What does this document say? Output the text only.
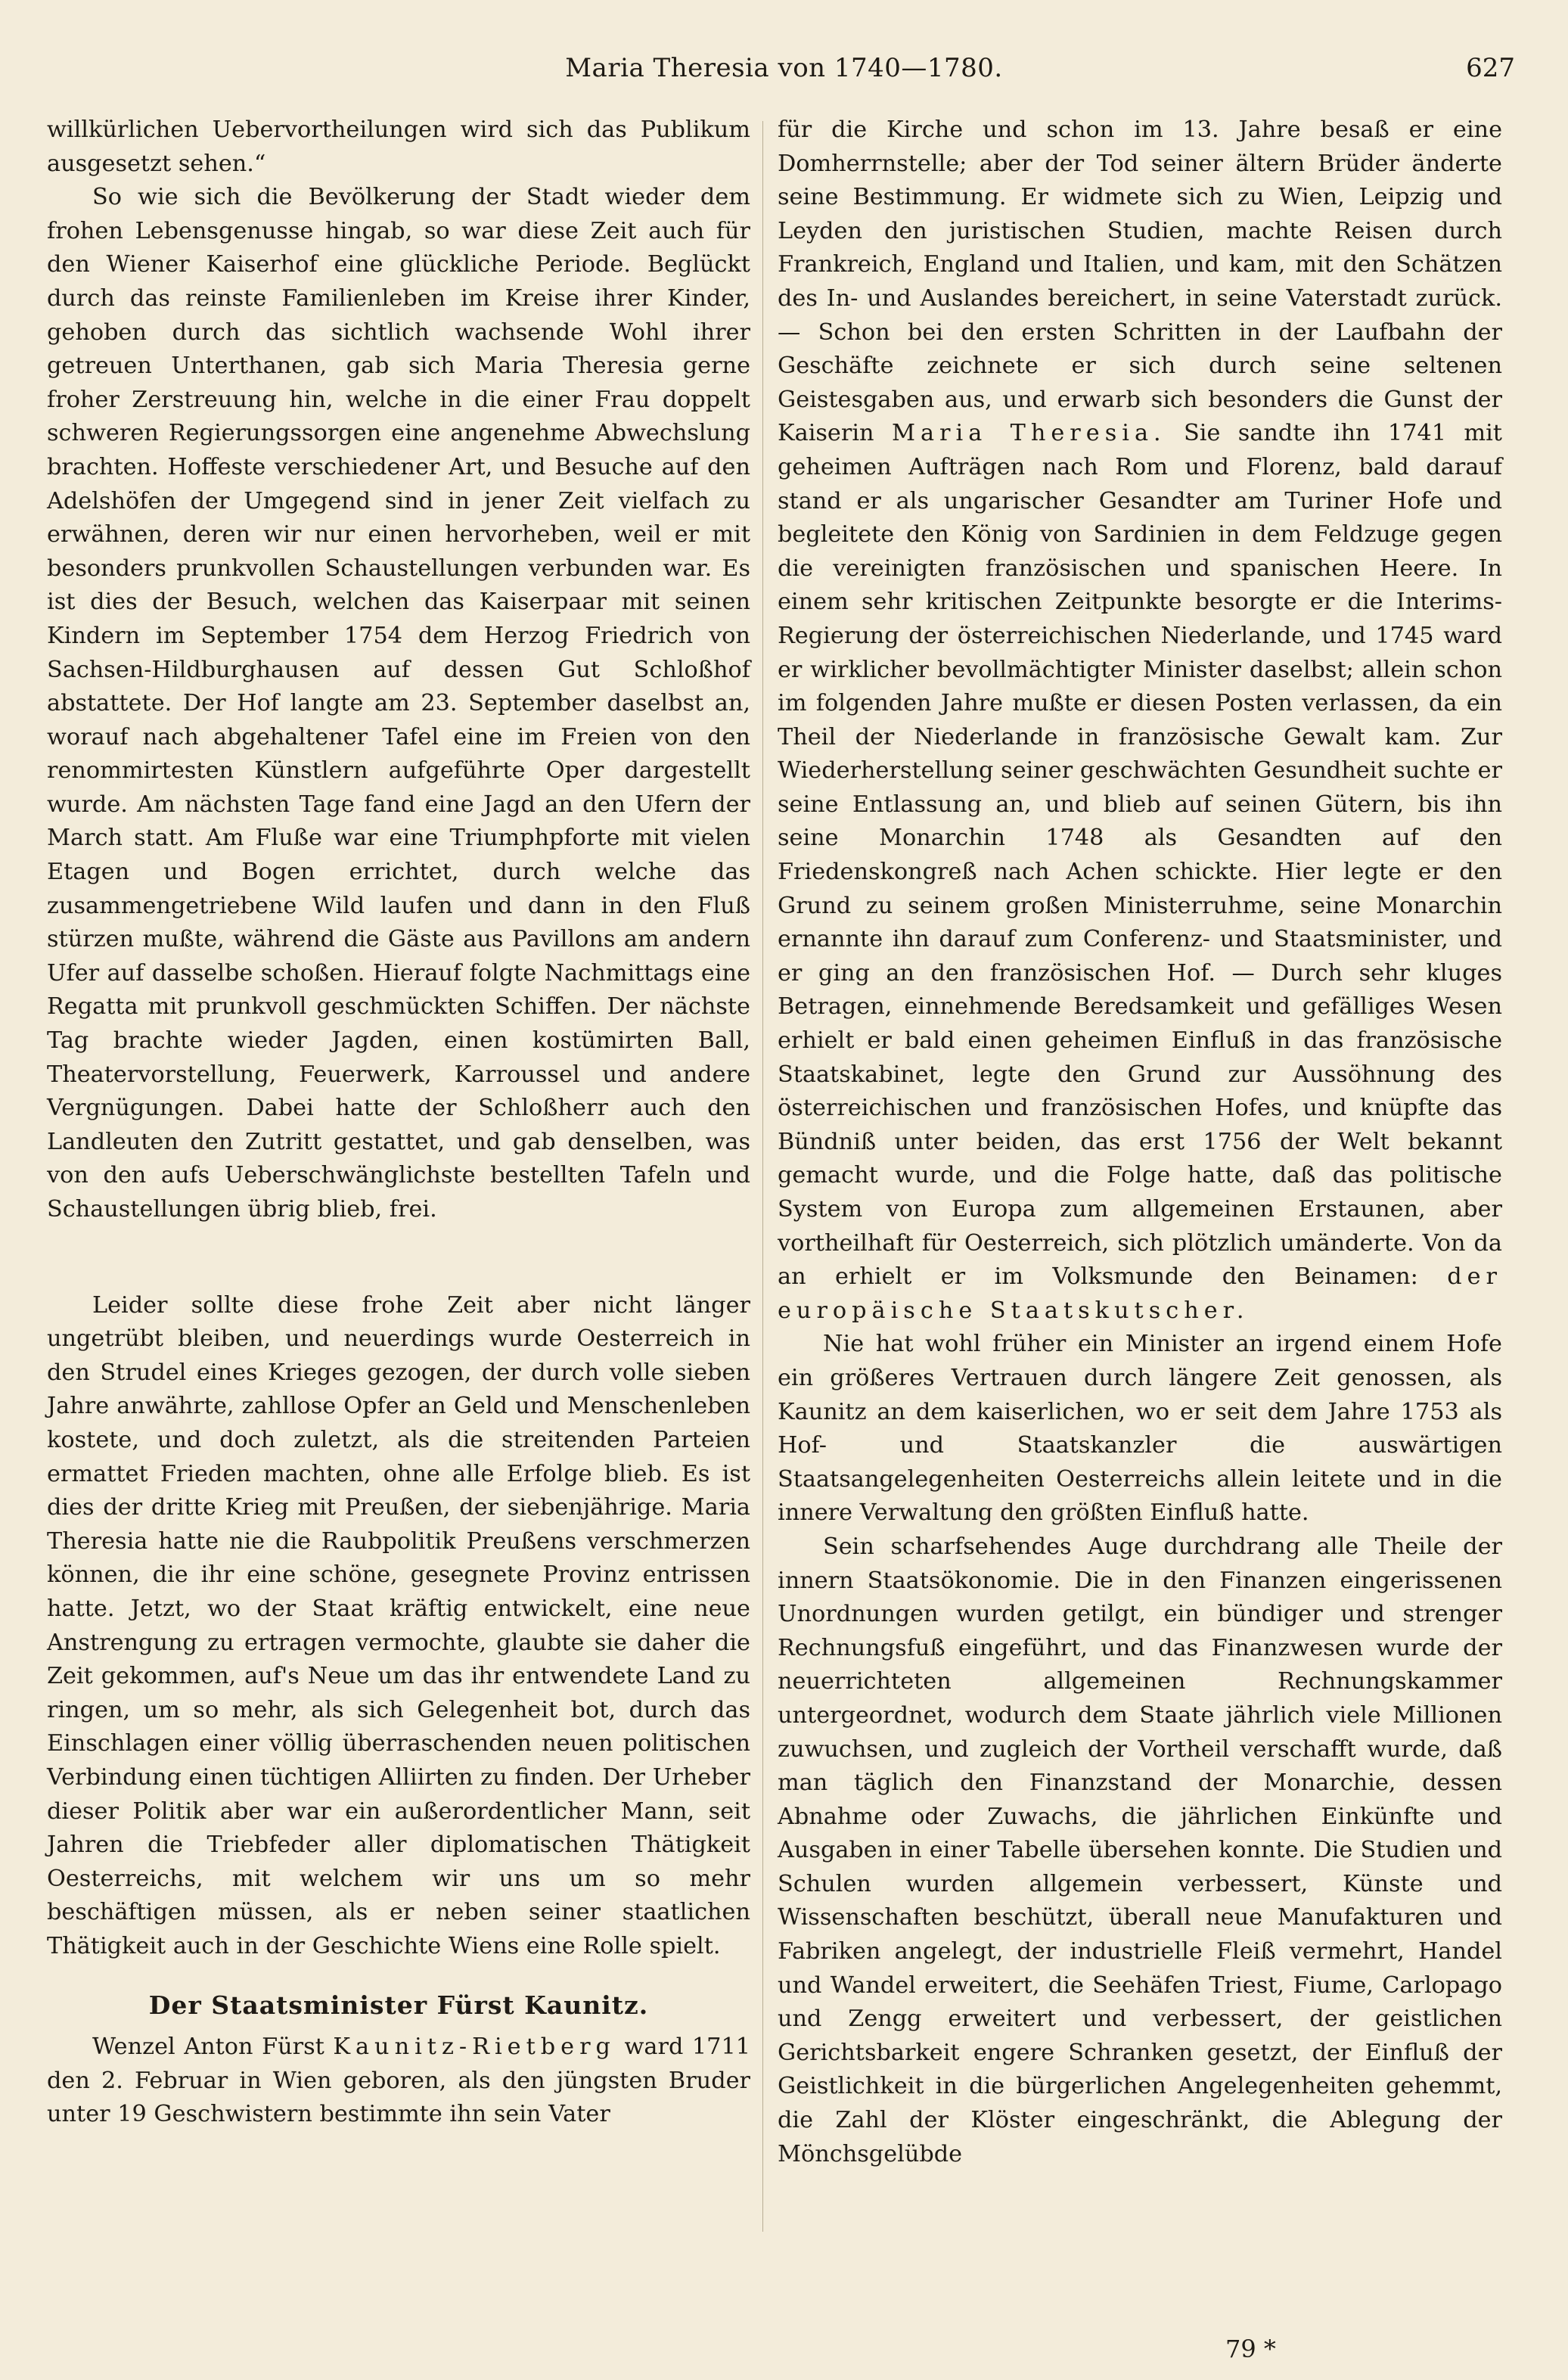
Maria Theresia von 1740—1780.	627

willkürlichen Uebervortheilungen wird sich das Publikum ausgesetzt sehen.“

So wie sich die Bevölkerung der Stadt wieder dem frohen Lebensgenusse hingab, so war diese Zeit auch für den Wiener Kaiserhof eine glückliche Periode. Beglückt durch das reinste Familienleben im Kreise ihrer Kinder, gehoben durch das sichtlich wachsende Wohl ihrer getreuen Unterthanen, gab sich Maria Theresia gerne froher Zerstreuung hin, welche in die einer Frau doppelt schweren Regierungssorgen eine angenehme Abwechslung brachten. Hoffeste verschiedener Art, und Besuche auf den Adelshöfen der Umgegend sind in jener Zeit vielfach zu erwähnen, deren wir nur einen hervorheben, weil er mit besonders prunkvollen Schaustellungen verbunden war. Es ist dies der Besuch, welchen das Kaiserpaar mit seinen Kindern im September 1754 dem Herzog Friedrich von Sachsen-Hildburghausen auf dessen Gut Schloßhof abstattete. Der Hof langte am 23. September daselbst an, worauf nach abgehaltener Tafel eine im Freien von den renommirtesten Künstlern aufgeführte Oper dargestellt wurde. Am nächsten Tage fand eine Jagd an den Ufern der March statt. Am Fluße war eine Triumphpforte mit vielen Etagen und Bogen errichtet, durch welche das zusammengetriebene Wild laufen und dann in den Fluß stürzen mußte, während die Gäste aus Pavillons am andern Ufer auf dasselbe schoßen. Hierauf folgte Nachmittags eine Regatta mit prunkvoll geschmückten Schiffen. Der nächste Tag brachte wieder Jagden, einen kostümirten Ball, Theatervorstellung, Feuerwerk, Karroussel und andere Vergnügungen. Dabei hatte der Schloßherr auch den Landleuten den Zutritt gestattet, und gab denselben, was von den aufs Ueberschwänglichste bestellten Tafeln und Schaustellungen übrig blieb, frei.

Leider sollte diese frohe Zeit aber nicht länger ungetrübt bleiben, und neuerdings wurde Oesterreich in den Strudel eines Krieges gezogen, der durch volle sieben Jahre anwährte, zahllose Opfer an Geld und Menschenleben kostete, und doch zuletzt, als die streitenden Parteien ermattet Frieden machten, ohne alle Erfolge blieb. Es ist dies der dritte Krieg mit Preußen, der siebenjährige. Maria Theresia hatte nie die Raubpolitik Preußens verschmerzen können, die ihr eine schöne, gesegnete Provinz entrissen hatte. Jetzt, wo der Staat kräftig entwickelt, eine neue Anstrengung zu ertragen vermochte, glaubte sie daher die Zeit gekommen, auf's Neue um das ihr entwendete Land zu ringen, um so mehr, als sich Gelegenheit bot, durch das Einschlagen einer völlig überraschenden neuen politischen Verbindung einen tüchtigen Alliirten zu finden. Der Urheber dieser Politik aber war ein außerordentlicher Mann, seit Jahren die Triebfeder aller diplomatischen Thätigkeit Oesterreichs, mit welchem wir uns um so mehr beschäftigen müssen, als er neben seiner staatlichen Thätigkeit auch in der Geschichte Wiens eine Rolle spielt.

Der Staatsminister Fürst Kaunitz.

Wenzel Anton Fürst Kaunitz-Rietberg ward 1711 den 2. Februar in Wien geboren, als den jüngsten Bruder unter 19 Geschwistern bestimmte ihn sein Vater

für die Kirche und schon im 13. Jahre besaß er eine Domherrnstelle; aber der Tod seiner ältern Brüder änderte seine Bestimmung. Er widmete sich zu Wien, Leipzig und Leyden den juristischen Studien, machte Reisen durch Frankreich, England und Italien, und kam, mit den Schätzen des In- und Auslandes bereichert, in seine Vaterstadt zurück. — Schon bei den ersten Schritten in der Laufbahn der Geschäfte zeichnete er sich durch seine seltenen Geistesgaben aus, und erwarb sich besonders die Gunst der Kaiserin Maria Theresia. Sie sandte ihn 1741 mit geheimen Aufträgen nach Rom und Florenz, bald darauf stand er als ungarischer Gesandter am Turiner Hofe und begleitete den König von Sardinien in dem Feldzuge gegen die vereinigten französischen und spanischen Heere. In einem sehr kritischen Zeitpunkte besorgte er die Interims-Regierung der österreichischen Niederlande, und 1745 ward er wirklicher bevollmächtigter Minister daselbst; allein schon im folgenden Jahre mußte er diesen Posten verlassen, da ein Theil der Niederlande in französische Gewalt kam. Zur Wiederherstellung seiner geschwächten Gesundheit suchte er seine Entlassung an, und blieb auf seinen Gütern, bis ihn seine Monarchin 1748 als Gesandten auf den Friedenskongreß nach Achen schickte. Hier legte er den Grund zu seinem großen Ministerruhme, seine Monarchin ernannte ihn darauf zum Conferenz- und Staatsminister, und er ging an den französischen Hof. — Durch sehr kluges Betragen, einnehmende Beredsamkeit und gefälliges Wesen erhielt er bald einen geheimen Einfluß in das französische Staatskabinet, legte den Grund zur Aussöhnung des österreichischen und französischen Hofes, und knüpfte das Bündniß unter beiden, das erst 1756 der Welt bekannt gemacht wurde, und die Folge hatte, daß das politische System von Europa zum allgemeinen Erstaunen, aber vortheilhaft für Oesterreich, sich plötzlich umänderte. Von da an erhielt er im Volksmunde den Beinamen: der europäische Staatskutscher.

Nie hat wohl früher ein Minister an irgend einem Hofe ein größeres Vertrauen durch längere Zeit genossen, als Kaunitz an dem kaiserlichen, wo er seit dem Jahre 1753 als Hof- und Staatskanzler die auswärtigen Staatsangelegenheiten Oesterreichs allein leitete und in die innere Verwaltung den größten Einfluß hatte.

Sein scharfsehendes Auge durchdrang alle Theile der innern Staatsökonomie. Die in den Finanzen eingerissenen Unordnungen wurden getilgt, ein bündiger und strenger Rechnungsfuß eingeführt, und das Finanzwesen wurde der neuerrichteten allgemeinen Rechnungskammer untergeordnet, wodurch dem Staate jährlich viele Millionen zuwuchsen, und zugleich der Vortheil verschafft wurde, daß man täglich den Finanzstand der Monarchie, dessen Abnahme oder Zuwachs, die jährlichen Einkünfte und Ausgaben in einer Tabelle übersehen konnte. Die Studien und Schulen wurden allgemein verbessert, Künste und Wissenschaften beschützt, überall neue Manufakturen und Fabriken angelegt, der industrielle Fleiß vermehrt, Handel und Wandel erweitert, die Seehäfen Triest, Fiume, Carlopago und Zengg erweitert und verbessert, der geistlichen Gerichtsbarkeit engere Schranken gesetzt, der Einfluß der Geistlichkeit in die bürgerlichen Angelegenheiten gehemmt, die Zahl der Klöster eingeschränkt, die Ablegung der Mönchsgelübde

79 *
